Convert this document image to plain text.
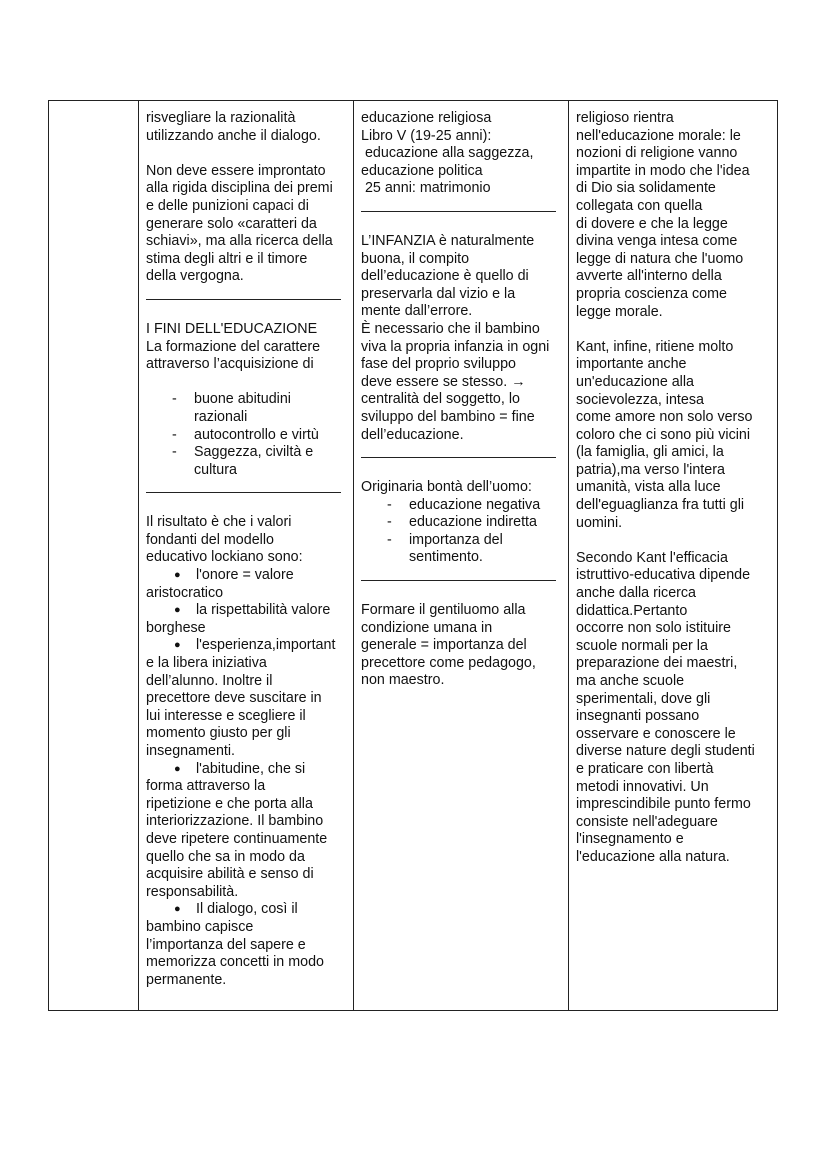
risvegliare la razionalità
utilizzando anche il dialogo.
Non deve essere improntato
alla rigida disciplina dei premi
e delle punizioni capaci di
generare solo «caratteri da
schiavi», ma alla ricerca della
stima degli altri e il timore
della vergogna.
I FINI DELL'EDUCAZIONE
La formazione del carattere
attraverso l’acquisizione di
- buone abitudini
razionali
- autocontrollo e virtù
- Saggezza, civiltà e
cultura
Il risultato è che i valori
fondanti del modello
educativo lockiano sono:
● l'onore = valore
aristocratico
● la rispettabilità valore
borghese
● l'esperienza,important
e la libera iniziativa
dell’alunno. Inoltre il
precettore deve suscitare in
lui interesse e scegliere il
momento giusto per gli
insegnamenti.
● l'abitudine, che si
forma attraverso la
ripetizione e che porta alla
interiorizzazione. Il bambino
deve ripetere continuamente
quello che sa in modo da
acquisire abilità e senso di
responsabilità.
● Il dialogo, così il
bambino capisce
l’importanza del sapere e
memorizza concetti in modo
permanente.
educazione religiosa
Libro V (19-25 anni):
educazione alla saggezza,
educazione politica
25 anni: matrimonio
L’INFANZIA è naturalmente
buona, il compito
dell’educazione è quello di
preservarla dal vizio e la
mente dall’errore.
È necessario che il bambino
viva la propria infanzia in ogni
fase del proprio sviluppo
deve essere se stesso. →
centralità del soggetto, lo
sviluppo del bambino = fine
dell’educazione.
Originaria bontà dell’uomo:
- educazione negativa
- educazione indiretta
- importanza del
sentimento.
Formare il gentiluomo alla
condizione umana in
generale = importanza del
precettore come pedagogo,
non maestro.
religioso rientra
nell'educazione morale: le
nozioni di religione vanno
impartite in modo che l'idea
di Dio sia solidamente
collegata con quella
di dovere e che la legge
divina venga intesa come
legge di natura che l'uomo
avverte all'interno della
propria coscienza come
legge morale.
Kant, infine, ritiene molto
importante anche
un'educazione alla
socievolezza, intesa
come amore non solo verso
coloro che ci sono più vicini
(la famiglia, gli amici, la
patria),ma verso l'intera
umanità, vista alla luce
dell'eguaglianza fra tutti gli
uomini.
Secondo Kant l'efficacia
istruttivo-educativa dipende
anche dalla ricerca
didattica.Pertanto
occorre non solo istituire
scuole normali per la
preparazione dei maestri,
ma anche scuole
sperimentali, dove gli
insegnanti possano
osservare e conoscere le
diverse nature degli studenti
e praticare con libertà
metodi innovativi. Un
imprescindibile punto fermo
consiste nell'adeguare
l'insegnamento e
l'educazione alla natura.
